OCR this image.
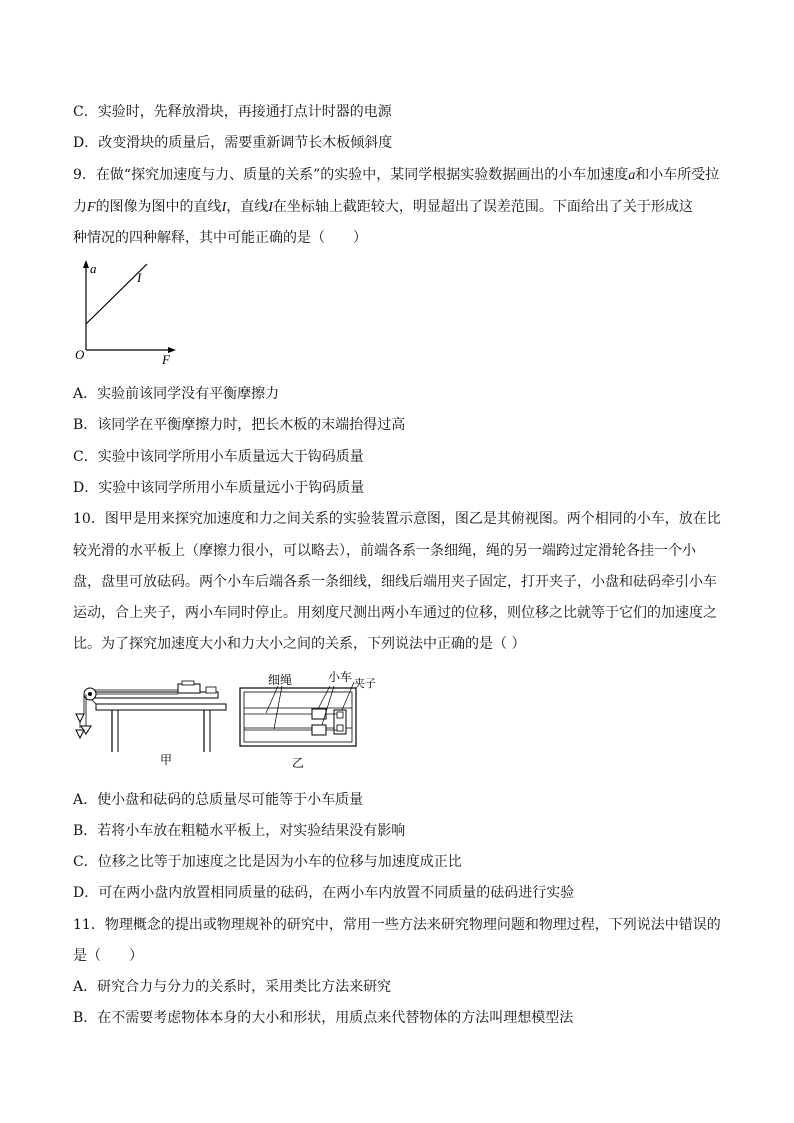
C．实验时，先释放滑块，再接通打点计时器的电源
D．改变滑块的质量后，需要重新调节长木板倾斜度
9．在做“探究加速度与力、质量的关系”的实验中，某同学根据实验数据画出的小车加速度a和小车所受拉
力F的图像为图中的直线I，直线I在坐标轴上截距较大，明显超出了误差范围。下面给出了关于形成这
种情况的四种解释，其中可能正确的是（　　）
a
I
O	F
A．实验前该同学没有平衡摩擦力
B．该同学在平衡摩擦力时，把长木板的末端抬得过高
C．实验中该同学所用小车质量远大于钩码质量
D．实验中该同学所用小车质量远小于钩码质量
10．图甲是用来探究加速度和力之间关系的实验装置示意图，图乙是其俯视图。两个相同的小车，放在比
较光滑的水平板上（摩擦力很小，可以略去），前端各系一条细绳，绳的另一端跨过定滑轮各挂一个小
盘，盘里可放砝码。两个小车后端各系一条细线，细线后端用夹子固定，打开夹子，小盘和砝码牵引小车
运动，合上夹子，两小车同时停止。用刻度尺测出两小车通过的位移，则位移之比就等于它们的加速度之
比。为了探究加速度大小和力大小之间的关系，下列说法中正确的是（ ）
甲
细绳	小车 夹子
乙
A．使小盘和砝码的总质量尽可能等于小车质量
B．若将小车放在粗糙水平板上，对实验结果没有影响
C．位移之比等于加速度之比是因为小车的位移与加速度成正比
D．可在两小盘内放置相同质量的砝码，在两小车内放置不同质量的砝码进行实验
11．物理概念的提出或物理规补的研究中，常用一些方法来研究物理问题和物理过程，下列说法中错误的
是（　　）
A．研究合力与分力的关系时，采用类比方法来研究
B．在不需要考虑物体本身的大小和形状，用质点来代替物体的方法叫理想模型法
